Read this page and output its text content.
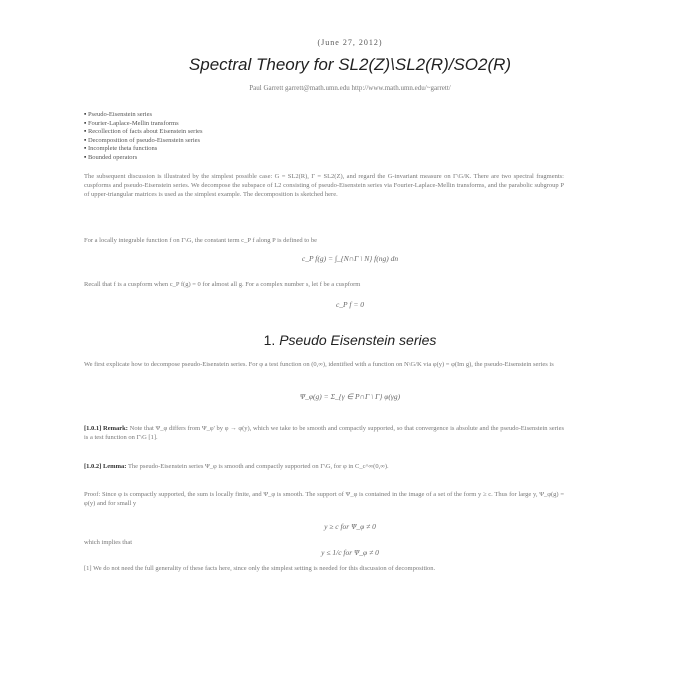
(June 27, 2012)
Spectral Theory for SL2(Z)\SL2(R)/SO2(R)
Paul Garrett garrett@math.umn.edu http://www.math.umn.edu/~garrett/
▪ Pseudo-Eisenstein series
▪ Fourier-Laplace-Mellin transforms
▪ Recollection of facts about Eisenstein series
▪ Decomposition of pseudo-Eisenstein series
▪ Incomplete theta functions
▪ Bounded operators
The subsequent discussion is illustrated by the simplest possible case: G = SL2(R), Γ = SL2(Z), and regard the G-invariant measure on Γ\G/K. There are two spectral fragments: cuspforms and pseudo-Eisenstein series. We decompose the subspace of L2 consisting of pseudo-Eisenstein series via Fourier-Laplace-Mellin transforms, and the parabolic subgroup P of upper-triangular matrices is used as the simplest example. The decomposition is sketched here.
For a locally integrable function f on Γ\G, the constant term c_P f along P is defined to be
c_P f(g) = ∫_{N∩Γ \ N} f(ng) dn
Recall that f is a cuspform when c_P f(g) = 0 for almost all g. For a complex number s, let f be a cuspform
c_P f = 0
1. Pseudo Eisenstein series
We first explicate how to decompose pseudo-Eisenstein series. For φ a test function on (0,∞), identified with a function on N\G/K via φ(y) = φ(Im g), the pseudo-Eisenstein series is
Ψ_φ(g) = Σ_{γ ∈ P∩Γ \ Γ} φ(γg)
[1.0.1] Remark: Note that Ψ_φ differs from Ψ_φ' by φ → φ(y), which we take to be smooth and compactly supported, so that convergence is absolute and the pseudo-Eisenstein series is a test function on Γ\G [1].
[1.0.2] Lemma: The pseudo-Eisenstein series Ψ_φ is smooth and compactly supported on Γ\G, for φ in C_c^∞(0,∞).
Proof: Since φ is compactly supported, the sum is locally finite, and Ψ_φ is smooth. The support of Ψ_φ is contained in the image of a set of the form y ≥ c. Thus for large y, Ψ_φ(g) = φ(y) and for small y
y ≥ c for Ψ_φ ≠ 0
which implies that
y ≤ 1/c for Ψ_φ ≠ 0
[1] We do not need the full generality of these facts here, since only the simplest setting is needed for this discussion of decomposition.
